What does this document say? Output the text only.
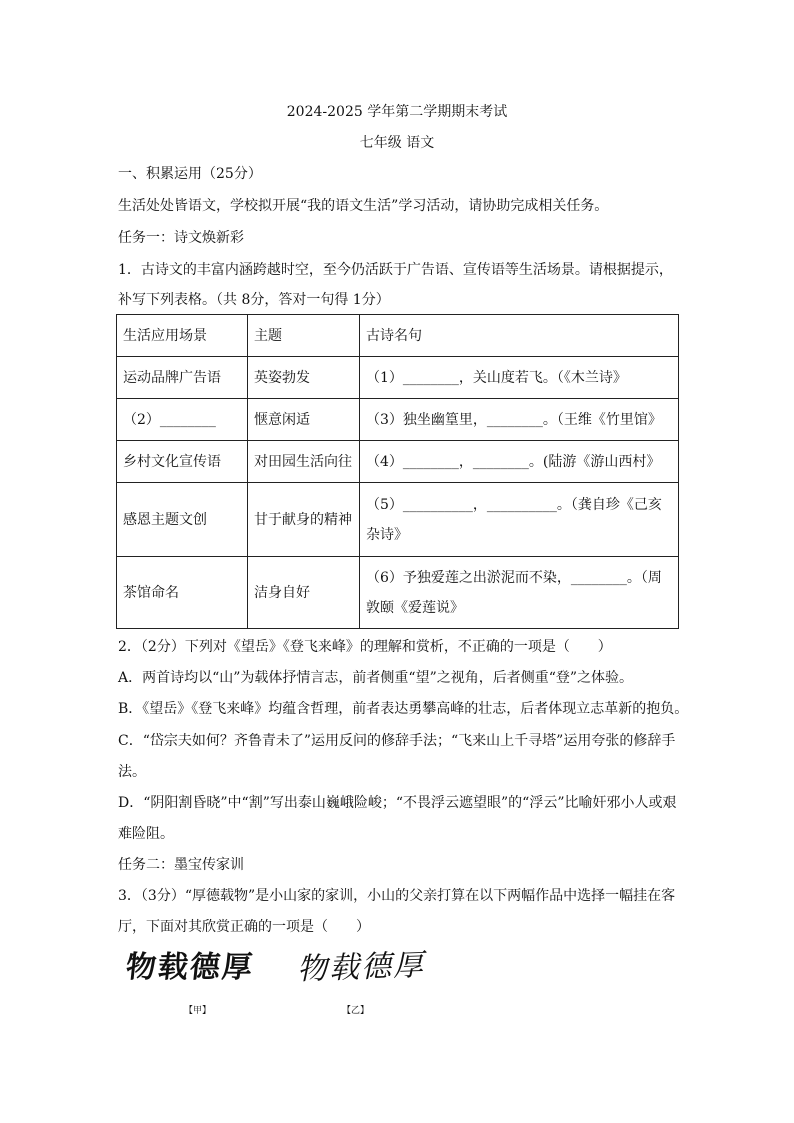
2024-2025 学年第二学期期末考试
七年级 语文
一、积累运用（25分）
生活处处皆语文，学校拟开展“我的语文生活”学习活动，请协助完成相关任务。
任务一：诗文焕新彩
1．古诗文的丰富内涵跨越时空，至今仍活跃于广告语、宣传语等生活场景。请根据提示，
补写下列表格。（共 8分，答对一句得 1分）
生活应用场景	主题	古诗名句
运动品牌广告语	英姿勃发	（1）________，关山度若飞。（《木兰诗》
（2）________	惬意闲适	（3）独坐幽篁里，________。（王维《竹里馆》
乡村文化宣传语	对田园生活向往	（4）________，________。(陆游《游山西村》
感恩主题文创	甘于献身的精神	（5）__________，__________。（龚自珍《己亥杂诗》
茶馆命名	洁身自好	（6）予独爱莲之出淤泥而不染，________。（周敦颐《爱莲说》
2．（2分）下列对《望岳》《登飞来峰》的理解和赏析，不正确的一项是（　　）
A．两首诗均以“山”为载体抒情言志，前者侧重“望”之视角，后者侧重“登”之体验。
B．《望岳》《登飞来峰》均蕴含哲理，前者表达勇攀高峰的壮志，后者体现立志革新的抱负。
C．“岱宗夫如何？齐鲁青未了”运用反问的修辞手法；“飞来山上千寻塔”运用夸张的修辞手
法。
D．“阴阳割昏晓”中“割”写出泰山巍峨险峻；“不畏浮云遮望眼”的“浮云”比喻奸邪小人或艰
难险阻。
任务二：墨宝传家训
3．（3分）“厚德载物”是小山家的家训，小山的父亲打算在以下两幅作品中选择一幅挂在客
厅，下面对其欣赏正确的一项是（　　）
物载德厚 物载德厚
【甲】	【乙】
